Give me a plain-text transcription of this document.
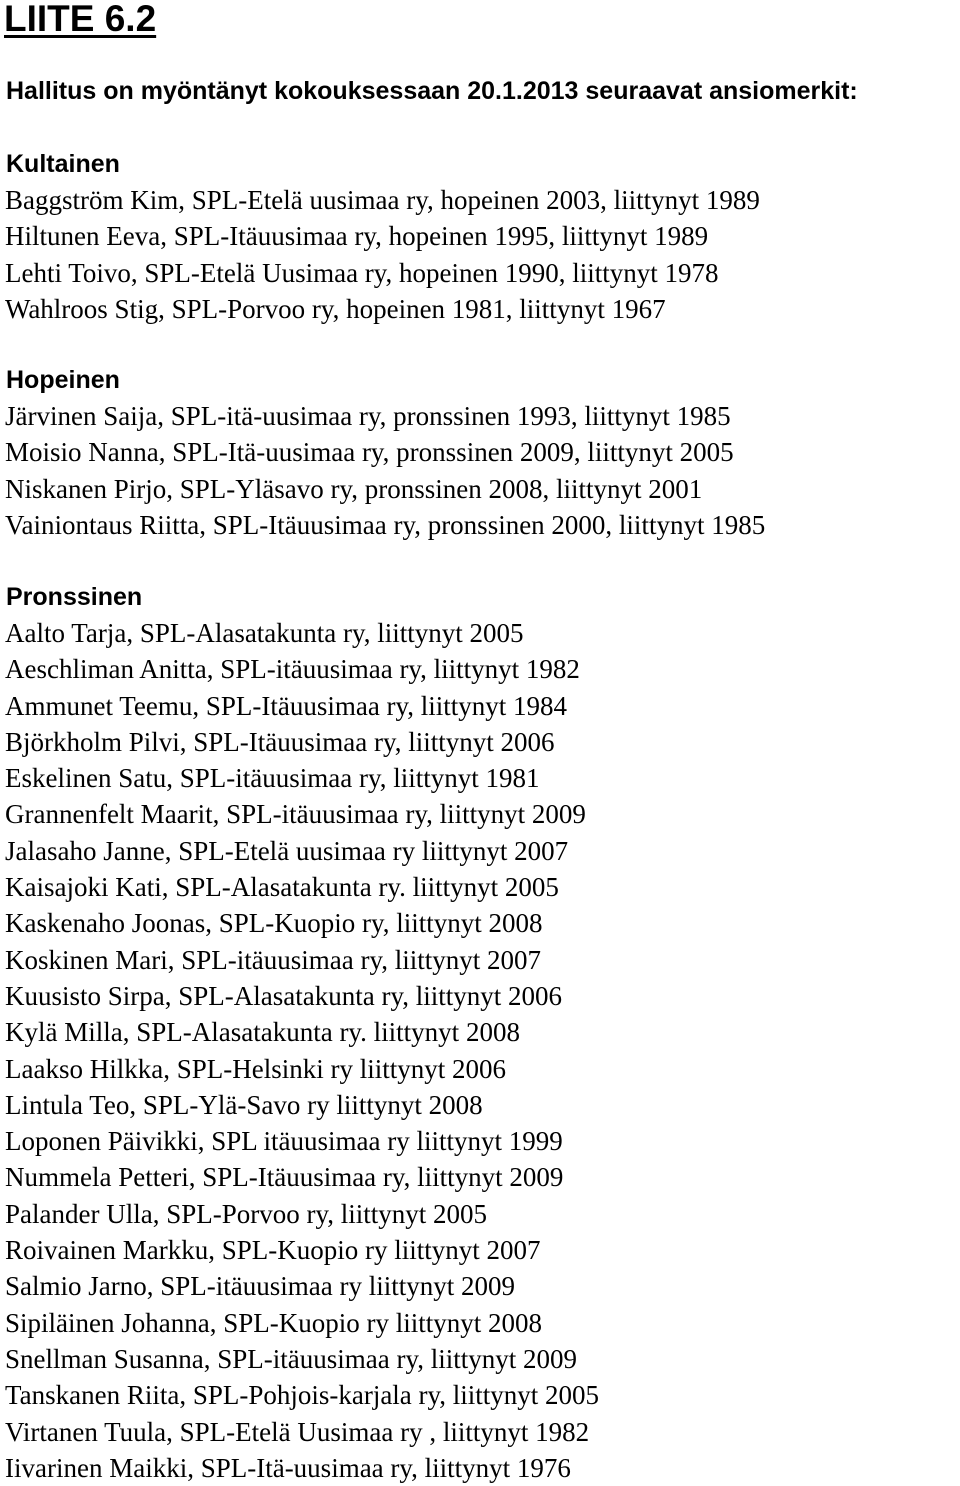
LIITE 6.2

Hallitus on myöntänyt kokouksessaan 20.1.2013 seuraavat ansiomerkit:

Kultainen
Baggström Kim, SPL-Etelä uusimaa ry, hopeinen 2003, liittynyt 1989
Hiltunen Eeva, SPL-Itäuusimaa ry, hopeinen 1995, liittynyt 1989
Lehti Toivo, SPL-Etelä Uusimaa ry, hopeinen 1990, liittynyt 1978
Wahlroos Stig, SPL-Porvoo ry, hopeinen 1981, liittynyt 1967
Hopeinen
Järvinen Saija, SPL-itä-uusimaa ry, pronssinen 1993, liittynyt 1985
Moisio Nanna, SPL-Itä-uusimaa ry, pronssinen 2009, liittynyt 2005
Niskanen Pirjo, SPL-Yläsavo ry, pronssinen 2008, liittynyt 2001
Vainiontaus Riitta, SPL-Itäuusimaa ry, pronssinen 2000, liittynyt 1985
Pronssinen
Aalto Tarja, SPL-Alasatakunta ry, liittynyt 2005
Aeschliman Anitta, SPL-itäuusimaa ry, liittynyt 1982
Ammunet Teemu, SPL-Itäuusimaa ry, liittynyt 1984
Björkholm Pilvi, SPL-Itäuusimaa ry, liittynyt 2006
Eskelinen Satu, SPL-itäuusimaa ry, liittynyt 1981
Grannenfelt Maarit, SPL-itäuusimaa ry, liittynyt 2009
Jalasaho Janne, SPL-Etelä uusimaa ry liittynyt 2007
Kaisajoki Kati, SPL-Alasatakunta ry. liittynyt 2005
Kaskenaho Joonas, SPL-Kuopio ry, liittynyt 2008
Koskinen Mari, SPL-itäuusimaa ry, liittynyt 2007
Kuusisto Sirpa, SPL-Alasatakunta ry, liittynyt 2006
Kylä Milla, SPL-Alasatakunta ry. liittynyt 2008
Laakso Hilkka, SPL-Helsinki ry liittynyt 2006
Lintula Teo, SPL-Ylä-Savo ry liittynyt 2008
Loponen Päivikki, SPL itäuusimaa ry liittynyt 1999
Nummela Petteri, SPL-Itäuusimaa ry, liittynyt 2009
Palander Ulla, SPL-Porvoo ry, liittynyt 2005
Roivainen Markku, SPL-Kuopio ry liittynyt 2007
Salmio Jarno, SPL-itäuusimaa ry liittynyt 2009
Sipiläinen Johanna, SPL-Kuopio ry liittynyt 2008
Snellman Susanna, SPL-itäuusimaa ry, liittynyt 2009
Tanskanen Riita, SPL-Pohjois-karjala ry, liittynyt 2005
Virtanen Tuula, SPL-Etelä Uusimaa ry , liittynyt 1982
Iivarinen Maikki, SPL-Itä-uusimaa ry, liittynyt 1976
